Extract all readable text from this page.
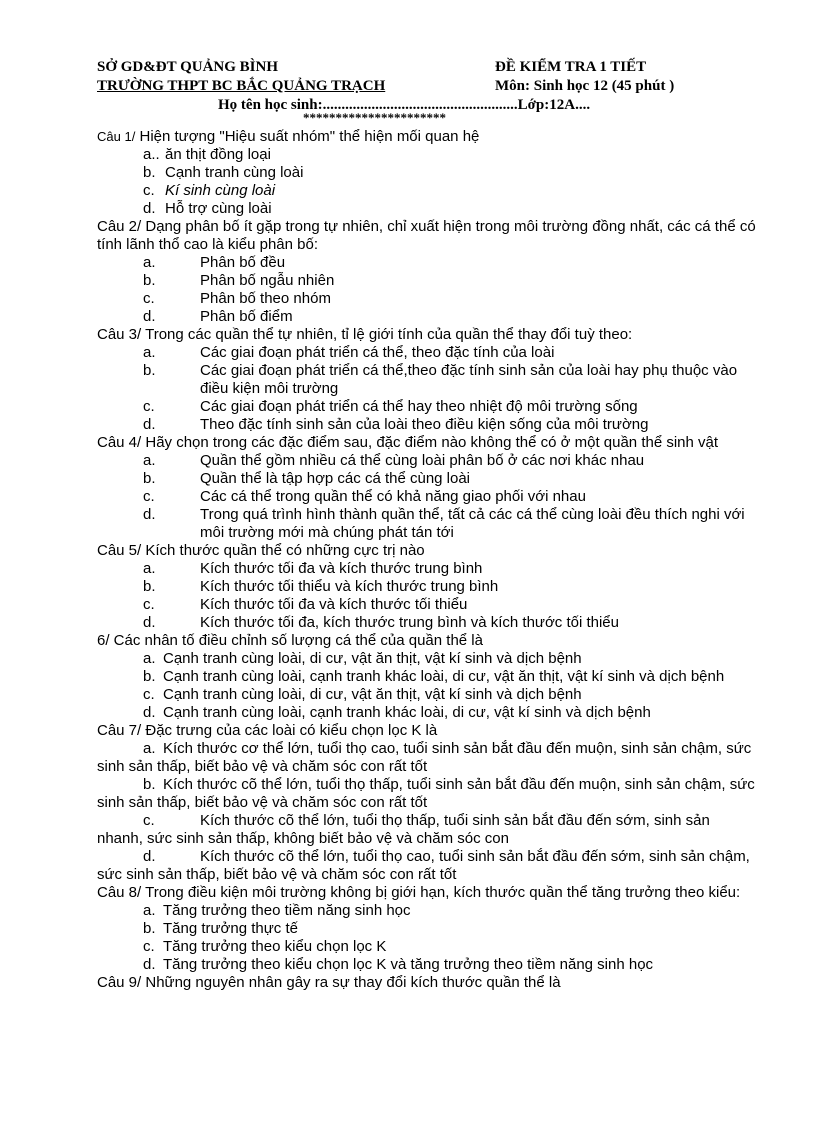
SỞ GD&ĐT QUẢNG BÌNH
TRƯỜNG THPT BC BẮC QUẢNG TRẠCH
ĐỀ KIỂM TRA 1 TIẾT
Môn: Sinh học 12 (45 phút )
Họ tên học sinh:....................................................Lớp:12A....
**********************
Câu 1/ Hiện tượng "Hiệu suất nhóm" thể hiện mối quan hệ
a.. ăn thịt đồng loại
b. Cạnh tranh cùng loài
c. Kí sinh cùng loài
d. Hỗ trợ cùng loài
Câu 2/ Dạng phân bố ít gặp trong tự nhiên, chỉ xuất hiện trong môi trường đồng nhất, các cá thể có tính lãnh thổ cao là kiểu phân bố:
a.	Phân bố đều
b.	Phân bố ngẫu nhiên
c.	Phân bố theo nhóm
d.	Phân bố điểm
Câu 3/ Trong các quần thể tự nhiên, tỉ lệ giới tính của quần thể thay đổi tuỳ theo:
a.	Các giai đoạn phát triển cá thể, theo đặc tính của loài
b.	Các giai đoạn phát triển cá thể,theo đặc tính sinh sản của loài hay phụ thuộc vào điều kiện môi trường
c.	Các giai đoạn phát triển cá thể hay theo nhiệt độ môi trường sống
d.	Theo đặc tính sinh sản của loài theo điều kiện sống của môi trường
Câu 4/ Hãy chọn trong các đặc điểm sau, đặc điểm nào không thể có ở một quần thể sinh vật
a.	Quần thể gồm nhiều cá thể cùng loài phân bố ở các nơi khác nhau
b.	Quần thể là tập hợp các cá thể cùng loài
c.	Các cá thể trong quần thể có khả năng giao phối với nhau
d.	Trong quá trình hình thành quần thể, tất cả các cá thể cùng loài đều thích nghi với môi trường mới mà chúng phát tán tới
Câu 5/ Kích thước quần thể có những cực trị nào
a.	Kích thước tối đa và kích thước trung bình
b.	Kích thước tối thiểu và kích thước trung bình
c.	Kích thước tối đa và kích thước tối thiểu
d.	Kích thước tối đa, kích thước trung bình và kích thước tối thiểu
6/ Các nhân tố điều chỉnh số lượng cá thể của quần thể là
a. Cạnh tranh cùng loài, di cư, vật ăn thịt, vật kí sinh và dịch bệnh
b. Cạnh tranh cùng loài, cạnh tranh khác loài, di cư, vật ăn thịt, vật kí sinh và dịch bệnh
c. Cạnh tranh cùng loài, di cư, vật ăn thịt, vật kí sinh và dịch bệnh
d. Cạnh tranh cùng loài, cạnh tranh khác loài, di cư, vật kí sinh và dịch bệnh
Câu 7/ Đặc trưng của các loài có kiểu chọn lọc K là
a. Kích thước cơ thể lớn, tuổi thọ cao, tuổi sinh sản bắt đầu đến muộn, sinh sản chậm, sức sinh sản thấp, biết bảo vệ và chăm sóc con rất tốt
b. Kích thước cõ thể lớn, tuổi thọ thấp, tuổi sinh sản bắt đầu đến muộn, sinh sản chậm, sức sinh sản thấp, biết bảo vệ và chăm sóc con rất tốt
c.	Kích thước cõ thể lớn, tuổi thọ thấp, tuổi sinh sản bắt đầu đến sớm, sinh sản nhanh, sức sinh sản thấp, không biết bảo vệ và chăm sóc con
d.	Kích thước cõ thể lớn, tuổi thọ cao, tuổi sinh sản bắt đầu đến sớm, sinh sản chậm, sức sinh sản thấp, biết bảo vệ và chăm sóc con rất tốt
Câu 8/ Trong điều kiện môi trường không bị giới hạn, kích thước quần thể tăng trưởng theo kiểu:
a. Tăng trưởng theo tiềm năng sinh học
b. Tăng trưởng thực tế
c. Tăng trưởng theo kiểu chọn lọc K
d. Tăng trưởng theo kiểu chọn lọc K và tăng trưởng theo tiềm năng sinh học
Câu 9/ Những nguyên nhân gây ra sự thay đổi kích thước quần thể là
